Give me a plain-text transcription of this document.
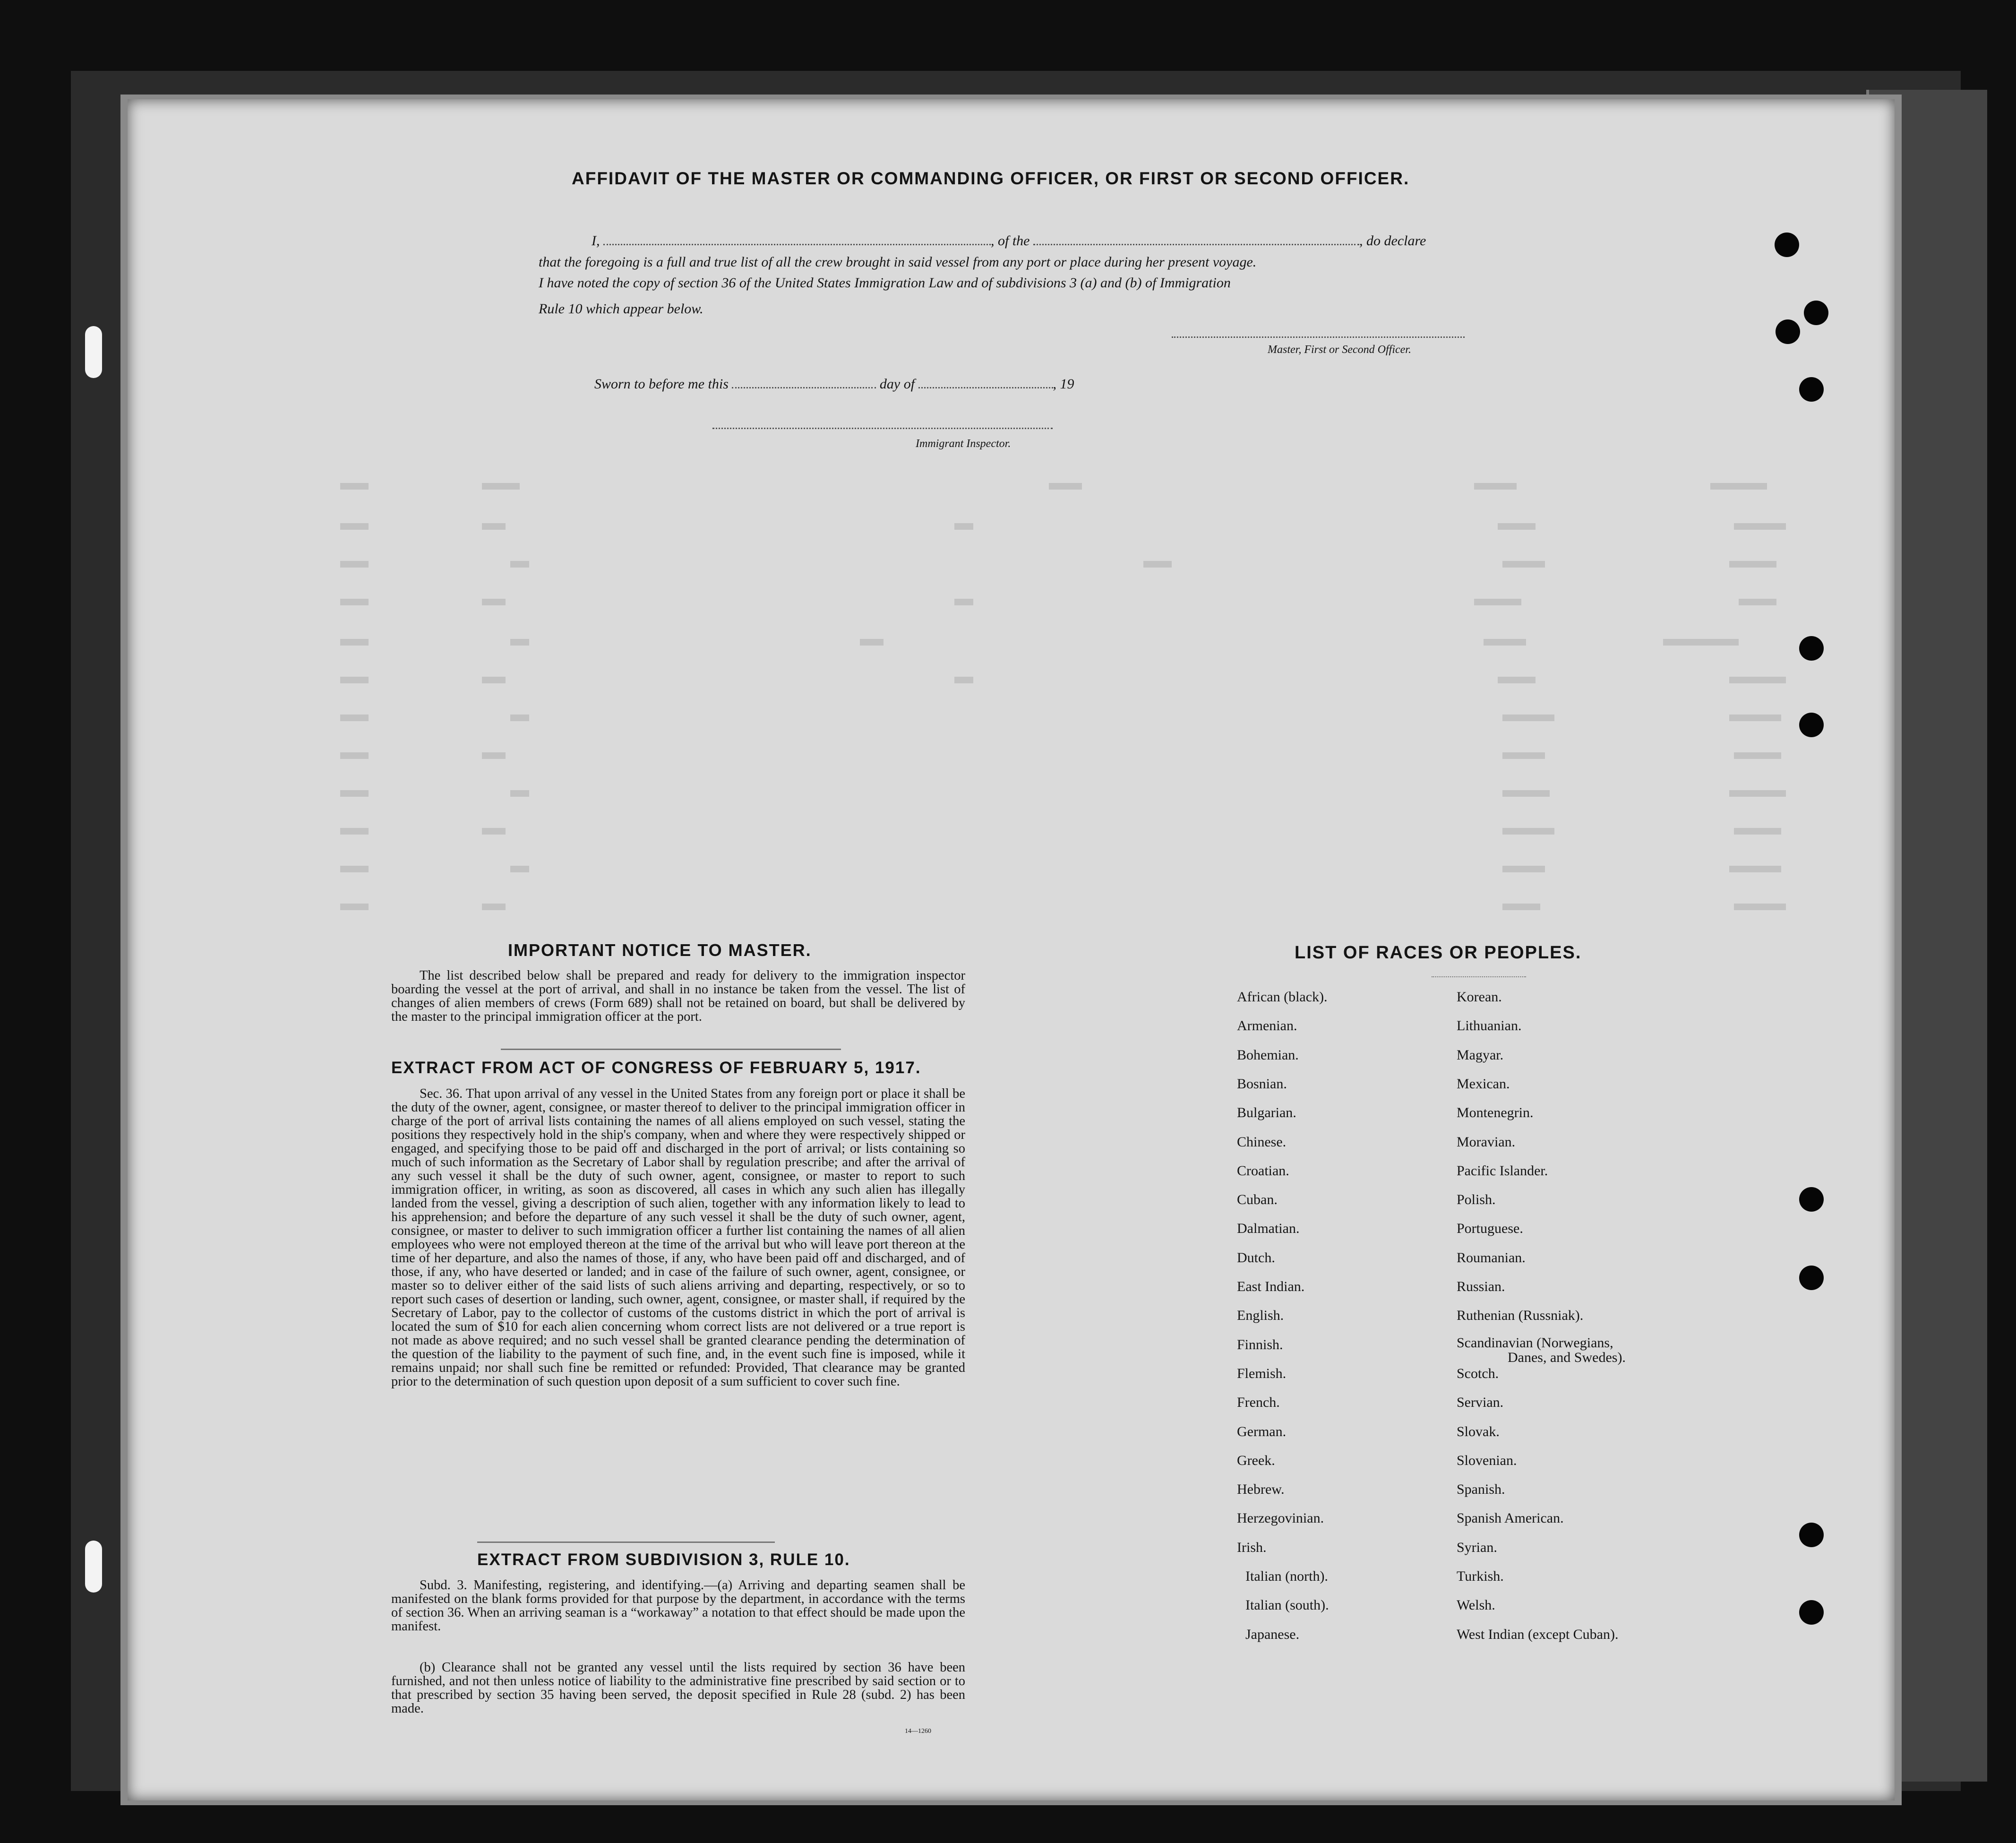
AFFIDAVIT OF THE MASTER OR COMMANDING OFFICER, OR FIRST OR SECOND OFFICER.
I,	, of the	, do declare
that the foregoing is a full and true list of all the crew brought in said vessel from any port or place during her present voyage.
I have noted the copy of section 36 of the United States Immigration Law and of subdivisions 3 (a) and (b) of Immigration
Rule 10 which appear below.
Master, First or Second Officer.
Sworn to before me this	day of	, 19
Immigrant Inspector.
IMPORTANT NOTICE TO MASTER.
The list described below shall be prepared and ready for delivery to the immigration inspector boarding the vessel at the port of arrival, and shall in no instance be taken from the vessel. The list of changes of alien members of crews (Form 689) shall not be retained on board, but shall be delivered by the master to the principal immigration officer at the port.
EXTRACT FROM ACT OF CONGRESS OF FEBRUARY 5, 1917.
Sec. 36. That upon arrival of any vessel in the United States from any foreign port or place it shall be the duty of the owner, agent, consignee, or master thereof to deliver to the principal immigration officer in charge of the port of arrival lists containing the names of all aliens employed on such vessel, stating the positions they respectively hold in the ship's company, when and where they were respectively shipped or engaged, and specifying those to be paid off and discharged in the port of arrival; or lists containing so much of such information as the Secretary of Labor shall by regulation prescribe; and after the arrival of any such vessel it shall be the duty of such owner, agent, consignee, or master to report to such immigration officer, in writing, as soon as discovered, all cases in which any such alien has illegally landed from the vessel, giving a description of such alien, together with any information likely to lead to his apprehension; and before the departure of any such vessel it shall be the duty of such owner, agent, consignee, or master to deliver to such immigration officer a further list containing the names of all alien employees who were not employed thereon at the time of the arrival but who will leave port thereon at the time of her departure, and also the names of those, if any, who have been paid off and discharged, and of those, if any, who have deserted or landed; and in case of the failure of such owner, agent, consignee, or master so to deliver either of the said lists of such aliens arriving and departing, respectively, or so to report such cases of desertion or landing, such owner, agent, consignee, or master shall, if required by the Secretary of Labor, pay to the collector of customs of the customs district in which the port of arrival is located the sum of $10 for each alien concerning whom correct lists are not delivered or a true report is not made as above required; and no such vessel shall be granted clearance pending the determination of the question of the liability to the payment of such fine, and, in the event such fine is imposed, while it remains unpaid; nor shall such fine be remitted or refunded: Provided, That clearance may be granted prior to the determination of such question upon deposit of a sum sufficient to cover such fine.
EXTRACT FROM SUBDIVISION 3, RULE 10.
Subd. 3. Manifesting, registering, and identifying.—(a) Arriving and departing seamen shall be manifested on the blank forms provided for that purpose by the department, in accordance with the terms of section 36. When an arriving seaman is a “workaway” a notation to that effect should be made upon the manifest.
(b) Clearance shall not be granted any vessel until the lists required by section 36 have been furnished, and not then unless notice of liability to the administrative fine prescribed by said section or to that prescribed by section 35 having been served, the deposit specified in Rule 28 (subd. 2) has been made.
14—1260
LIST OF RACES OR PEOPLES.
African (black).
Armenian.
Bohemian.
Bosnian.
Bulgarian.
Chinese.
Croatian.
Cuban.
Dalmatian.
Dutch.
East Indian.
English.
Finnish.
Flemish.
French.
German.
Greek.
Hebrew.
Herzegovinian.
Irish.
Italian (north).
Italian (south).
Japanese.
Korean.
Lithuanian.
Magyar.
Mexican.
Montenegrin.
Moravian.
Pacific Islander.
Polish.
Portuguese.
Roumanian.
Russian.
Ruthenian (Russniak).
Scandinavian (Norwegians,
Danes, and Swedes).
Scotch.
Servian.
Slovak.
Slovenian.
Spanish.
Spanish American.
Syrian.
Turkish.
Welsh.
West Indian (except Cuban).
